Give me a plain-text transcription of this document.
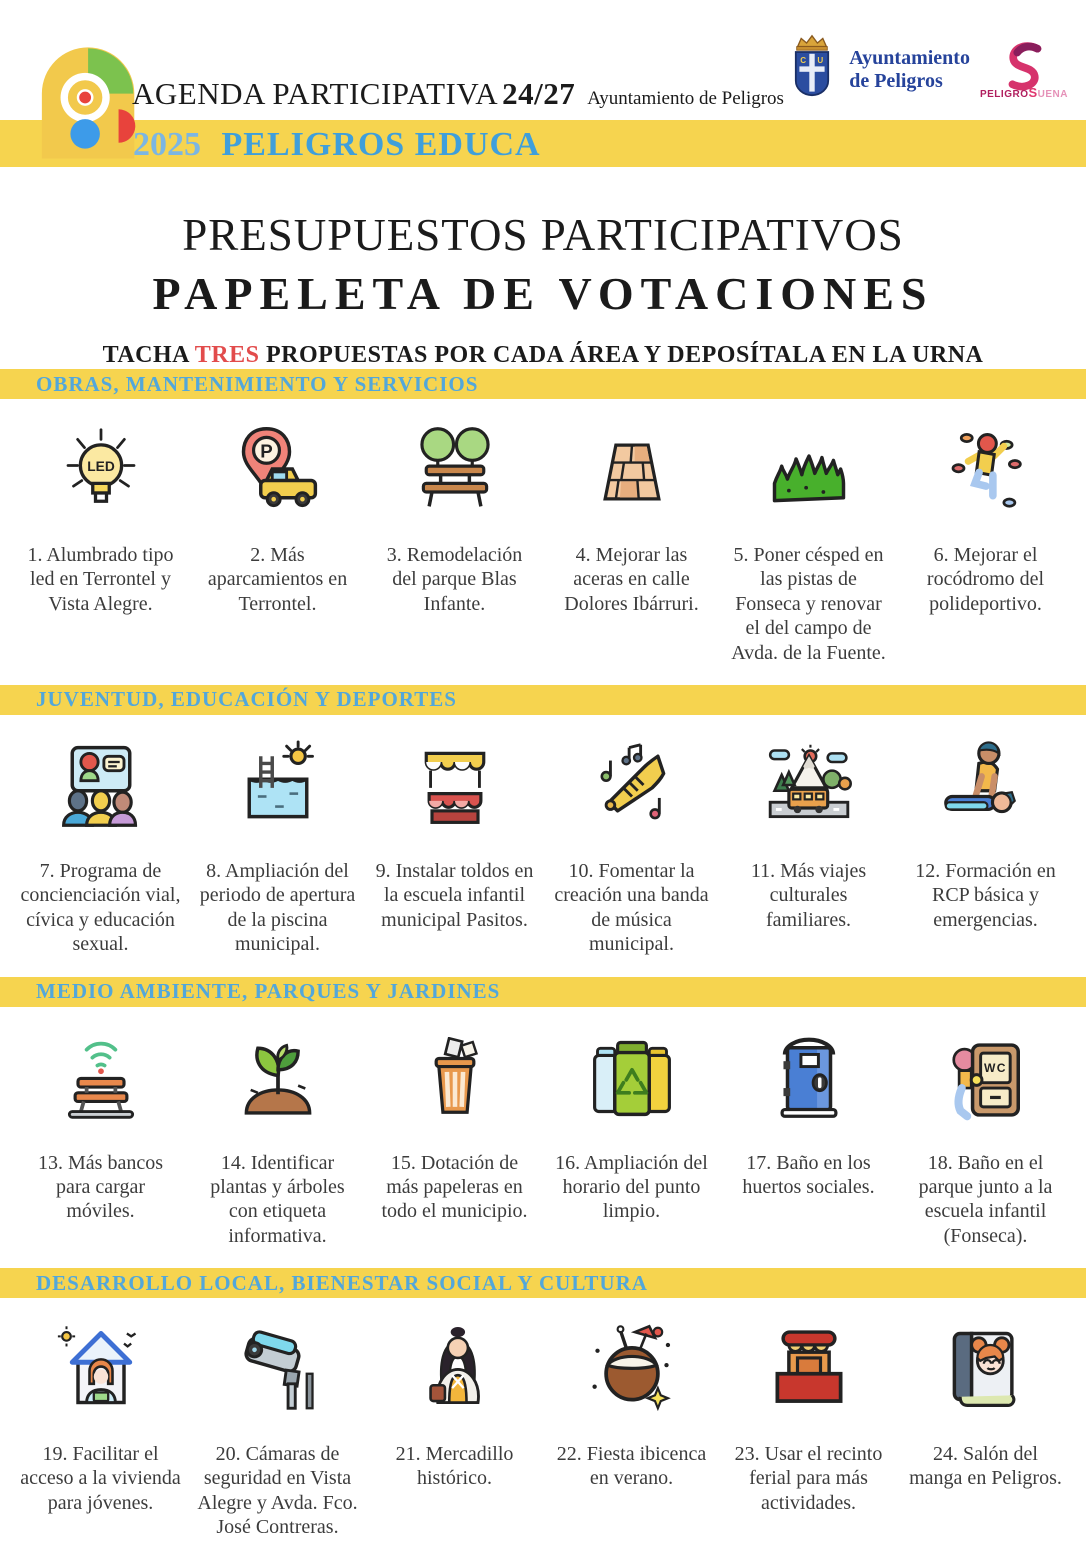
AGENDA PARTICIPATIVA 24/27 Ayuntamiento de Peligros
2025 PELIGROS EDUCA
C U Ayuntamiento
de Peligros
PELIGROSUENA
PRESUPUESTOS PARTICIPATIVOS
PAPELETA DE VOTACIONES
TACHA TRES PROPUESTAS POR CADA ÁREA Y DEPOSÍTALA EN LA URNA
OBRAS, MANTENIMIENTO Y SERVICIOS
LED

1. Alumbrado tipo led en Terrontel y Vista Alegre.

P

2. Más aparcamientos en Terrontel.

3. Remodelación del parque Blas Infante.

4. Mejorar las aceras en calle Dolores Ibárruri.

5. Poner césped en las pistas de Fonseca y renovar el del campo de Avda. de la Fuente.

6. Mejorar el rocódromo del polideportivo.

JUVENTUD, EDUCACIÓN Y DEPORTES

7. Programa de concienciación vial, cívica y educación sexual.

8. Ampliación del periodo de apertura de la piscina municipal.

9. Instalar toldos en la escuela infantil municipal Pasitos.

10. Fomentar la creación una banda de música municipal.

11. Más viajes culturales familiares.

12. Formación en RCP básica y emergencias.

MEDIO AMBIENTE, PARQUES Y JARDINES

13. Más bancos para cargar móviles.

14. Identificar plantas y árboles con etiqueta informativa.

15. Dotación de más papeleras en todo el municipio.

16. Ampliación del horario del punto limpio.

17. Baño en los huertos sociales.

WC

18. Baño en el parque junto a la escuela infantil (Fonseca).

DESARROLLO LOCAL, BIENESTAR SOCIAL Y CULTURA

19. Facilitar el acceso a la vivienda para jóvenes.

20. Cámaras de seguridad en Vista Alegre y Avda. Fco. José Contreras.

21. Mercadillo histórico.

22. Fiesta ibicenca en verano.

23. Usar el recinto ferial para más actividades.

24. Salón del manga en Peligros.
